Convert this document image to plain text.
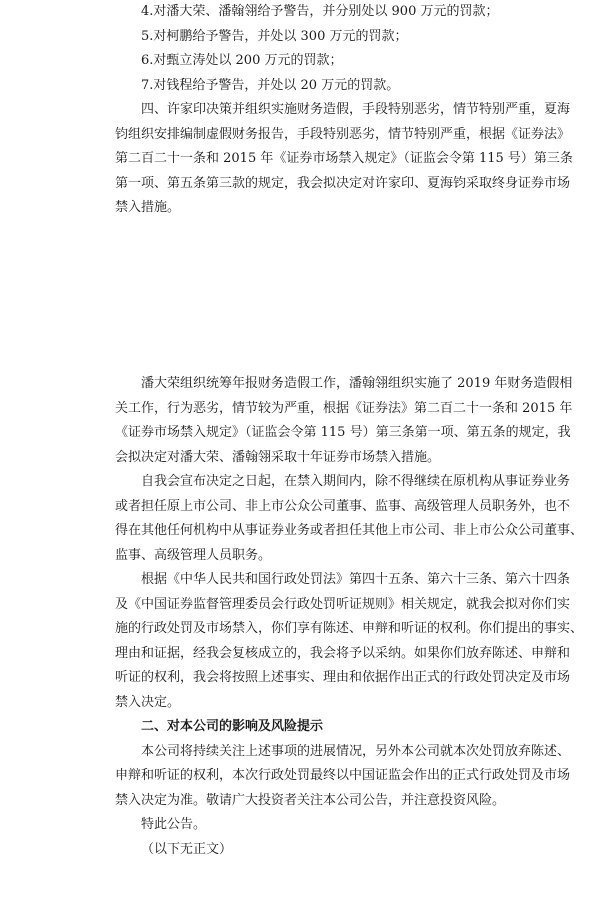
4.对潘大荣、潘翰翎给予警告，并分别处以 900 万元的罚款；
5.对柯鹏给予警告，并处以 300 万元的罚款；
6.对甄立涛处以 200 万元的罚款；
7.对钱程给予警告，并处以 20 万元的罚款。
四、许家印决策并组织实施财务造假，手段特别恶劣，情节特别严重，夏海
钧组织安排编制虚假财务报告，手段特别恶劣，情节特别严重，根据《证券法》
第二百二十一条和 2015 年《证券市场禁入规定》（证监会令第 115 号）第三条
第一项、第五条第三款的规定，我会拟决定对许家印、夏海钧采取终身证券市场
禁入措施。
潘大荣组织统筹年报财务造假工作，潘翰翎组织实施了 2019 年财务造假相
关工作，行为恶劣，情节较为严重，根据《证券法》第二百二十一条和 2015 年
《证券市场禁入规定》（证监会令第 115 号）第三条第一项、第五条的规定，我
会拟决定对潘大荣、潘翰翎采取十年证券市场禁入措施。
自我会宣布决定之日起，在禁入期间内，除不得继续在原机构从事证券业务
或者担任原上市公司、非上市公众公司董事、监事、高级管理人员职务外，也不
得在其他任何机构中从事证券业务或者担任其他上市公司、非上市公众公司董事、
监事、高级管理人员职务。
根据《中华人民共和国行政处罚法》第四十五条、第六十三条、第六十四条
及《中国证券监督管理委员会行政处罚听证规则》相关规定，就我会拟对你们实
施的行政处罚及市场禁入，你们享有陈述、申辩和听证的权利。你们提出的事实、
理由和证据，经我会复核成立的，我会将予以采纳。如果你们放弃陈述、申辩和
听证的权利，我会将按照上述事实、理由和依据作出正式的行政处罚决定及市场
禁入决定。
二、对本公司的影响及风险提示
本公司将持续关注上述事项的进展情况，另外本公司就本次处罚放弃陈述、
申辩和听证的权利，本次行政处罚最终以中国证监会作出的正式行政处罚及市场
禁入决定为准。敬请广大投资者关注本公司公告，并注意投资风险。
特此公告。
（以下无正文）
